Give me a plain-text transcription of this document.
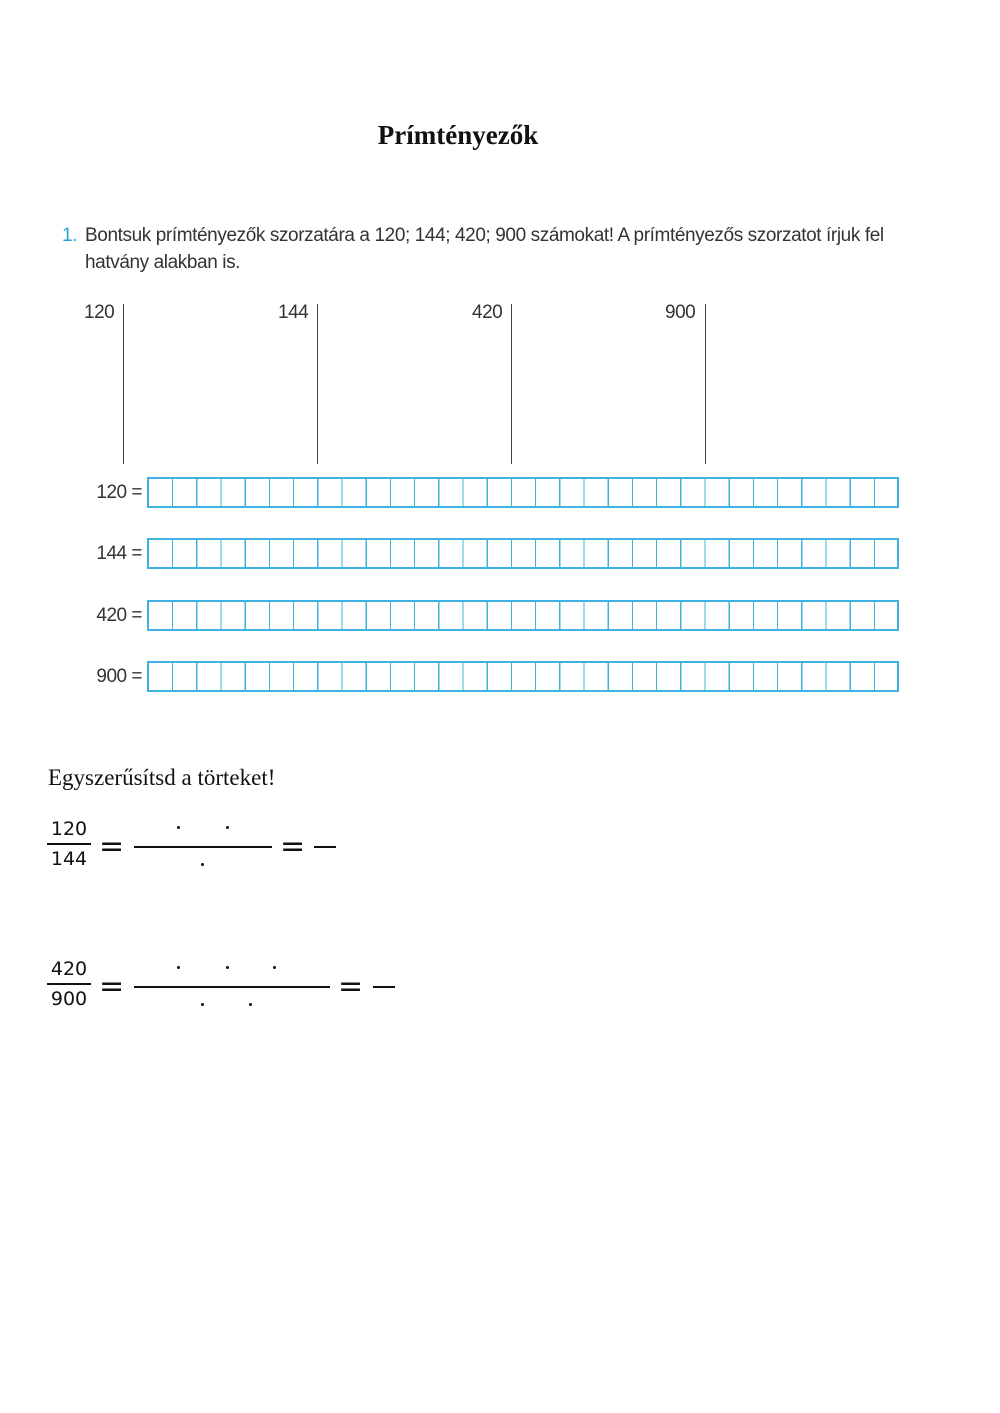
Prímtényezők
1. Bontsuk prímtényezők szorzatára a 120; 144; 420; 900 számokat! A prímtényezős szorzatot írjuk fel hatvány alakban is.
120	144	420	900
120 =
144 =
420 =
900 =
Egyszerűsítsd a törteket!
120
144 =	=
420
900 =	=
